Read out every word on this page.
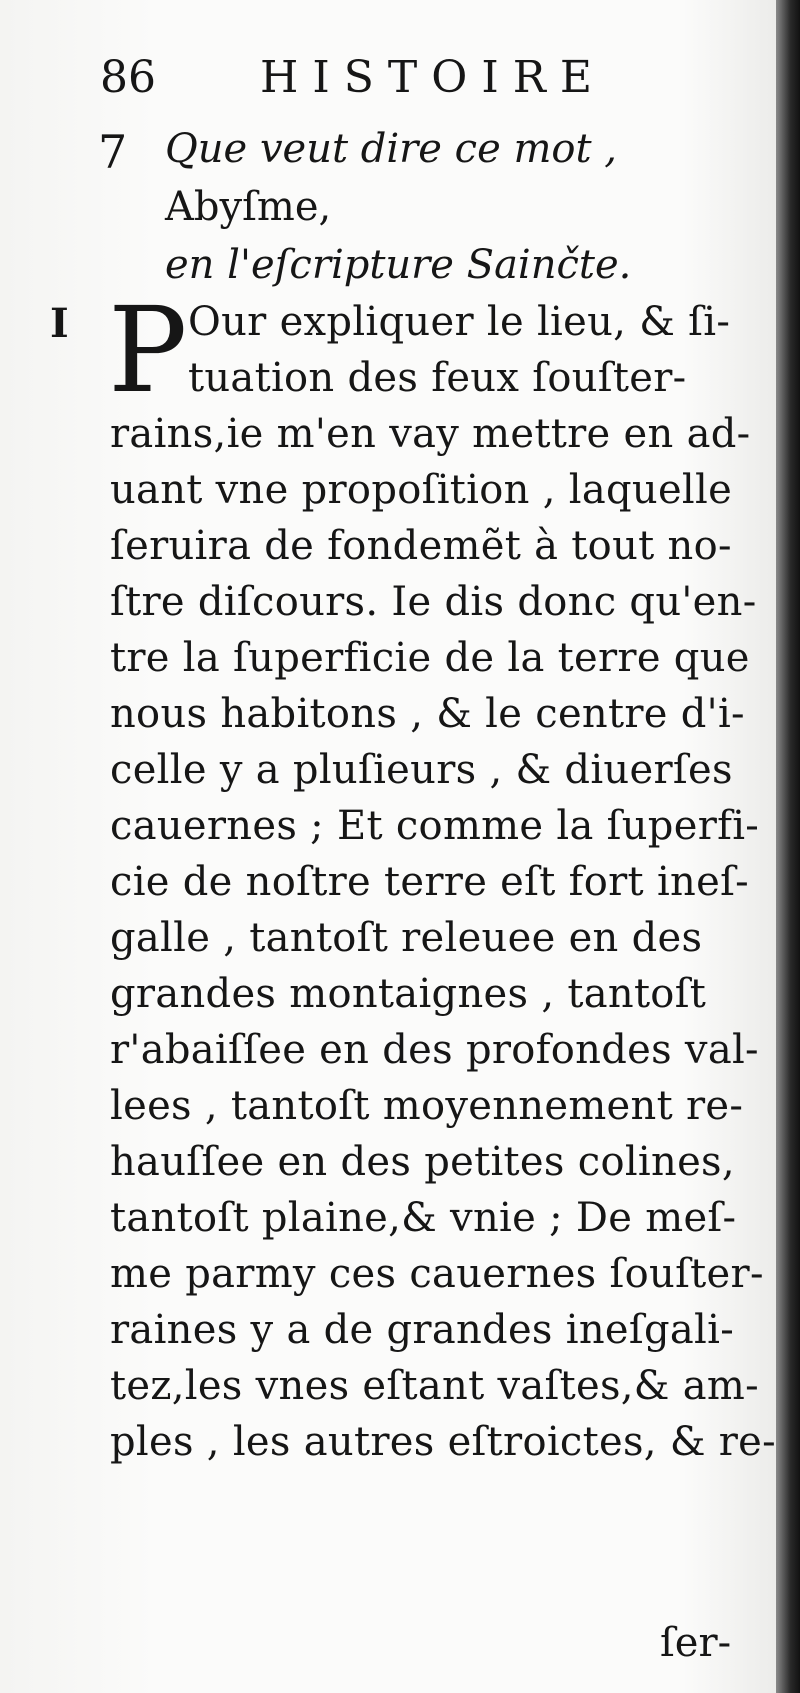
86 HISTOIRE
7 Que veut dire ce mot , Abyſme,
en l'eſcripture Sainčte.
I P Our expliquer le lieu, & ſi-
tuation des feux ſouſter-
rains,ie m'en vay mettre en ad-
uant vne propoſition , laquelle
ſeruira de fondemẽt à tout no-
ſtre diſcours. Ie dis donc qu'en-
tre la ſuperficie de la terre que
nous habitons , & le centre d'i-
celle y a pluſieurs , & diuerſes
cauernes ; Et comme la ſuperfi-
cie de noſtre terre eſt fort ineſ-
galle , tantoſt releuee en des
grandes montaignes , tantoſt
r'abaiſſee en des profondes val-
lees , tantoſt moyennement re-
hauſſee en des petites colines,
tantoſt plaine,& vnie ; De meſ-
me parmy ces cauernes ſouſter-
raines y a de grandes ineſgali-
tez,les vnes eſtant vaſtes,& am-
ples , les autres eſtroictes, & re-
ſer-
